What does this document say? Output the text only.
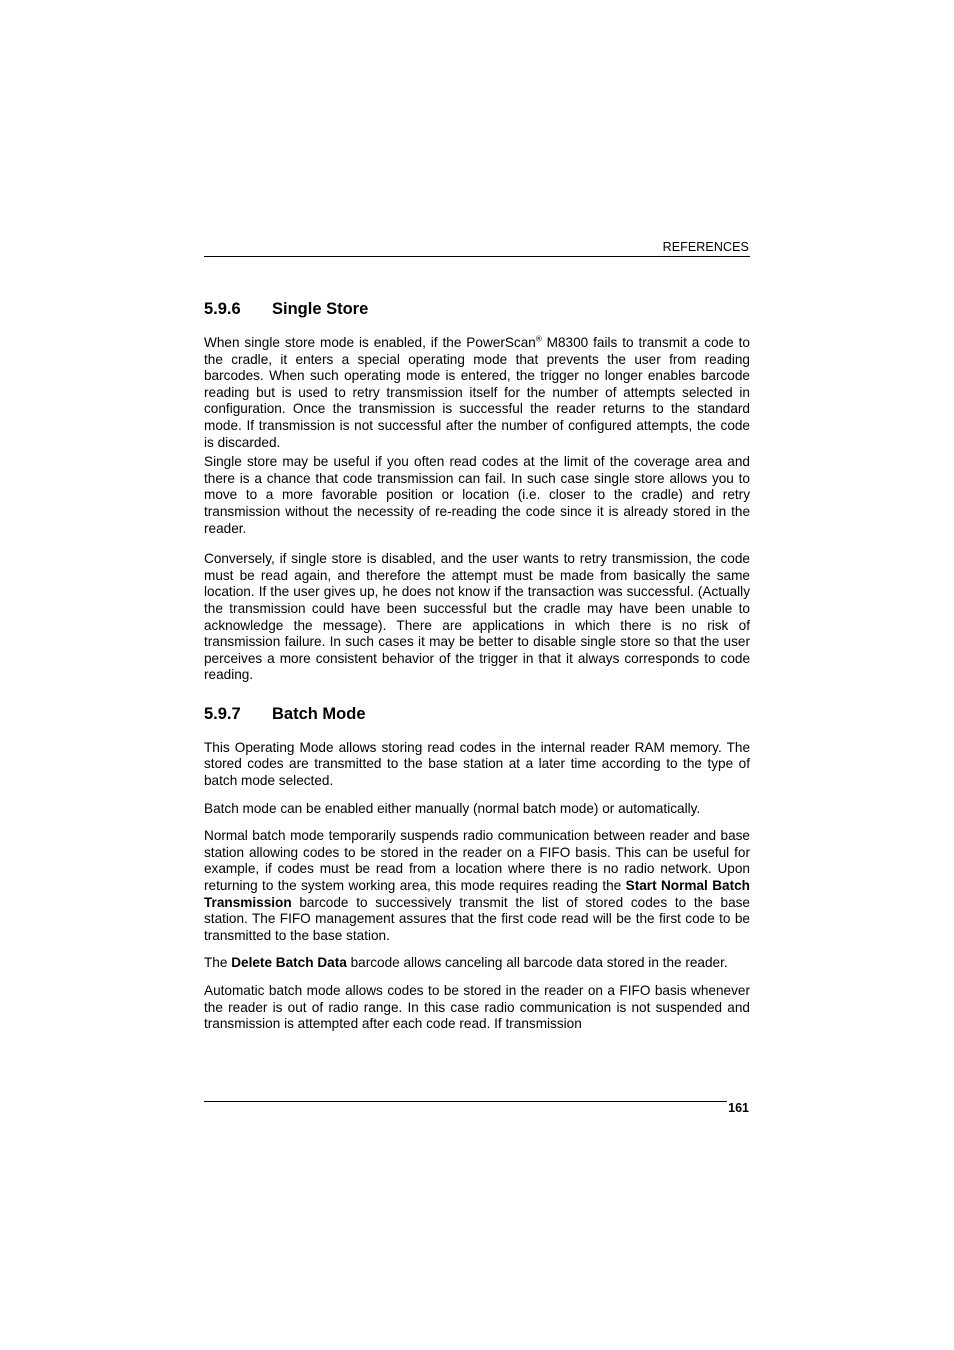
REFERENCES
5.9.6	Single Store

When single store mode is enabled, if the PowerScan® M8300 fails to transmit a code to the cradle, it enters a special operating mode that prevents the user from reading barcodes. When such operating mode is entered, the trigger no longer enables barcode reading but is used to retry transmission itself for the number of attempts selected in configuration. Once the transmission is successful the reader returns to the standard mode. If transmission is not successful after the number of configured attempts, the code is discarded.

Single store may be useful if you often read codes at the limit of the coverage area and there is a chance that code transmission can fail. In such case single store allows you to move to a more favorable position or location (i.e. closer to the cradle) and retry transmission without the necessity of re-reading the code since it is already stored in the reader.

Conversely, if single store is disabled, and the user wants to retry transmission, the code must be read again, and therefore the attempt must be made from basically the same location. If the user gives up, he does not know if the transaction was successful. (Actually the transmission could have been successful but the cradle may have been unable to acknowledge the message). There are applications in which there is no risk of transmission failure. In such cases it may be better to disable single store so that the user perceives a more consistent behavior of the trigger in that it always corresponds to code reading.

5.9.7	Batch Mode

This Operating Mode allows storing read codes in the internal reader RAM memory. The stored codes are transmitted to the base station at a later time according to the type of batch mode selected.

Batch mode can be enabled either manually (normal batch mode) or automatically.

Normal batch mode temporarily suspends radio communication between reader and base station allowing codes to be stored in the reader on a FIFO basis. This can be useful for example, if codes must be read from a location where there is no radio network. Upon returning to the system working area, this mode requires reading the Start Normal Batch Transmission barcode to successively transmit the list of stored codes to the base station. The FIFO management assures that the first code read will be the first code to be transmitted to the base station.

The Delete Batch Data barcode allows canceling all barcode data stored in the reader.

Automatic batch mode allows codes to be stored in the reader on a FIFO basis whenever the reader is out of radio range. In this case radio communication is not suspended and transmission is attempted after each code read. If transmission

161
